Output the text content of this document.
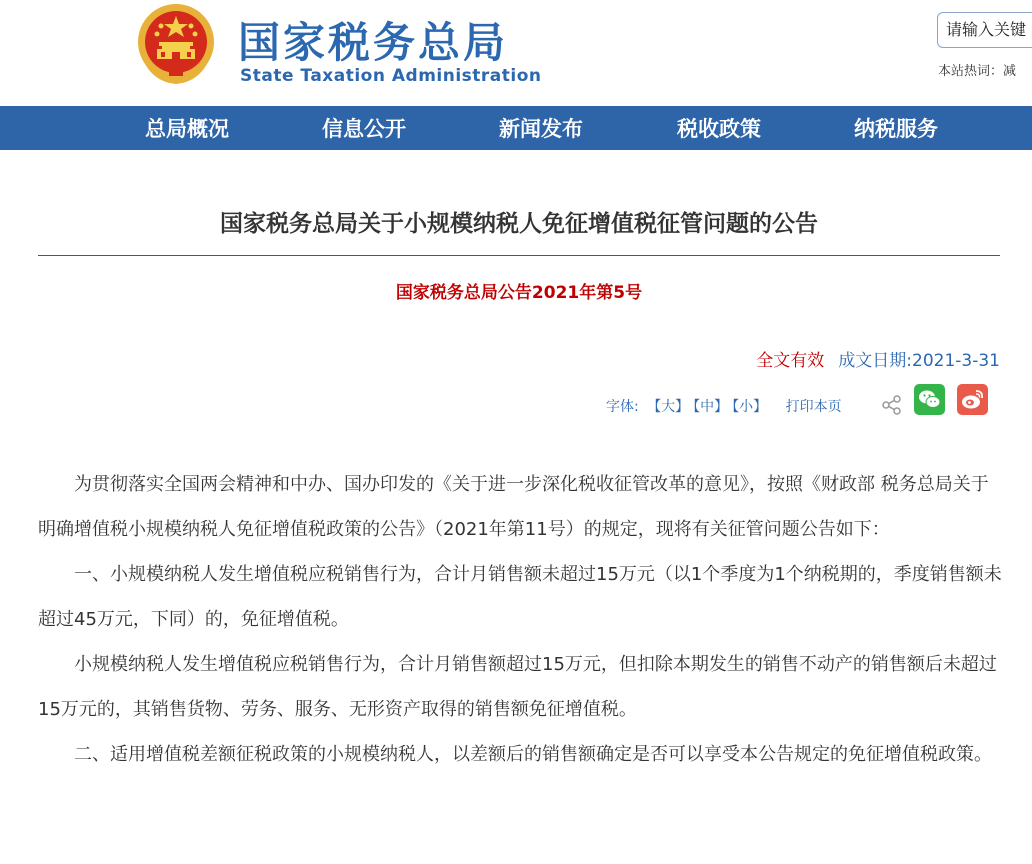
国家税务总局
State Taxation Administration
请输入关键
本站热词：减
总局概况	信息公开	新闻发布	税收政策	纳税服务
国家税务总局关于小规模纳税人免征增值税征管问题的公告
国家税务总局公告2021年第5号
全文有效 成文日期:2021-3-31
字体: 【大】 【中】 【小】 打印本页

为贯彻落实全国两会精神和中办、国办印发的《关于进一步深化税收征管改革的意见》，按照《财政部 税务总局关于明确增值税小规模纳税人免征增值税政策的公告》（2021年第11号）的规定，现将有关征管问题公告如下：

一、小规模纳税人发生增值税应税销售行为，合计月销售额未超过15万元（以1个季度为1个纳税期的，季度销售额未超过45万元，下同）的，免征增值税。

小规模纳税人发生增值税应税销售行为，合计月销售额超过15万元，但扣除本期发生的销售不动产的销售额后未超过15万元的，其销售货物、劳务、服务、无形资产取得的销售额免征增值税。

二、适用增值税差额征税政策的小规模纳税人，以差额后的销售额确定是否可以享受本公告规定的免征增值税政策。
